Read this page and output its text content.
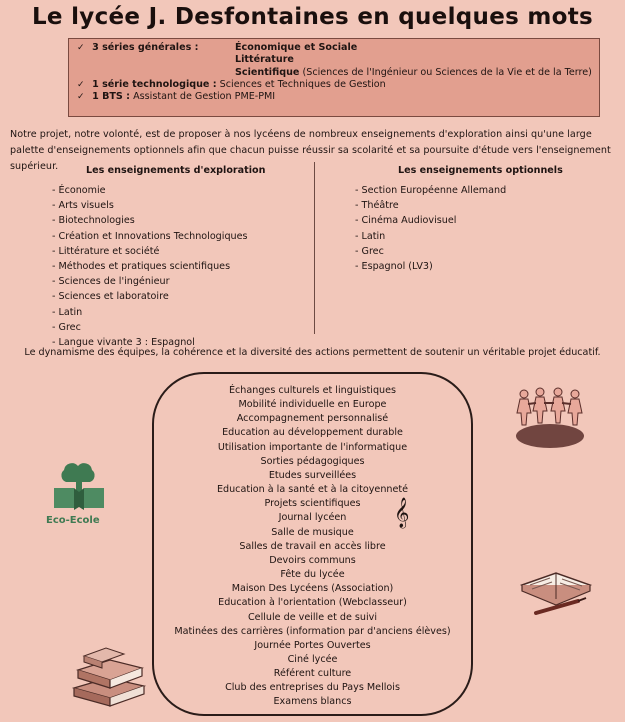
Le lycée J. Desfontaines en quelques mots
✓ 3 séries générales :	Économique et Sociale
Littérature
Scientifique (Sciences de l'Ingénieur ou Sciences de la Vie et de la Terre)
✓ 1 série technologique : Sciences et Techniques de Gestion
✓ 1 BTS : Assistant de Gestion PME-PMI
Notre projet, notre volonté, est de proposer à nos lycéens de nombreux enseignements d'exploration ainsi qu'une large palette d'enseignements optionnels afin que chacun puisse réussir sa scolarité et sa poursuite d'étude vers l'enseignement supérieur.	Les enseignements d'exploration	Les enseignements optionnels
- Économie
- Arts visuels
- Biotechnologies
- Création et Innovations Technologiques
- Littérature et société
- Méthodes et pratiques scientifiques
- Sciences de l'ingénieur
- Sciences et laboratoire
- Latin
- Grec
- Langue vivante 3 : Espagnol
- Section Européenne Allemand
- Théâtre
- Cinéma Audiovisuel
- Latin
- Grec
- Espagnol (LV3)
Le dynamisme des équipes, la cohérence et la diversité des actions permettent de soutenir un véritable projet éducatif.
Échanges culturels et linguistiques
Mobilité individuelle en Europe
Accompagnement personnalisé
Education au développement durable
Utilisation importante de l'informatique
Sorties pédagogiques
Etudes surveillées
Education à la santé et à la citoyenneté
Projets scientifiques
Journal lycéen
Salle de musique
Salles de travail en accès libre
Devoirs communs
Fête du lycée
Maison Des Lycéens (Association)
Education à l'orientation (Webclasseur)
Cellule de veille et de suivi
Matinées des carrières (information par d'anciens élèves)
Journée Portes Ouvertes
Ciné lycée
Référent culture
Club des entreprises du Pays Mellois
Examens blancs
𝄞
Eco-Ecole
